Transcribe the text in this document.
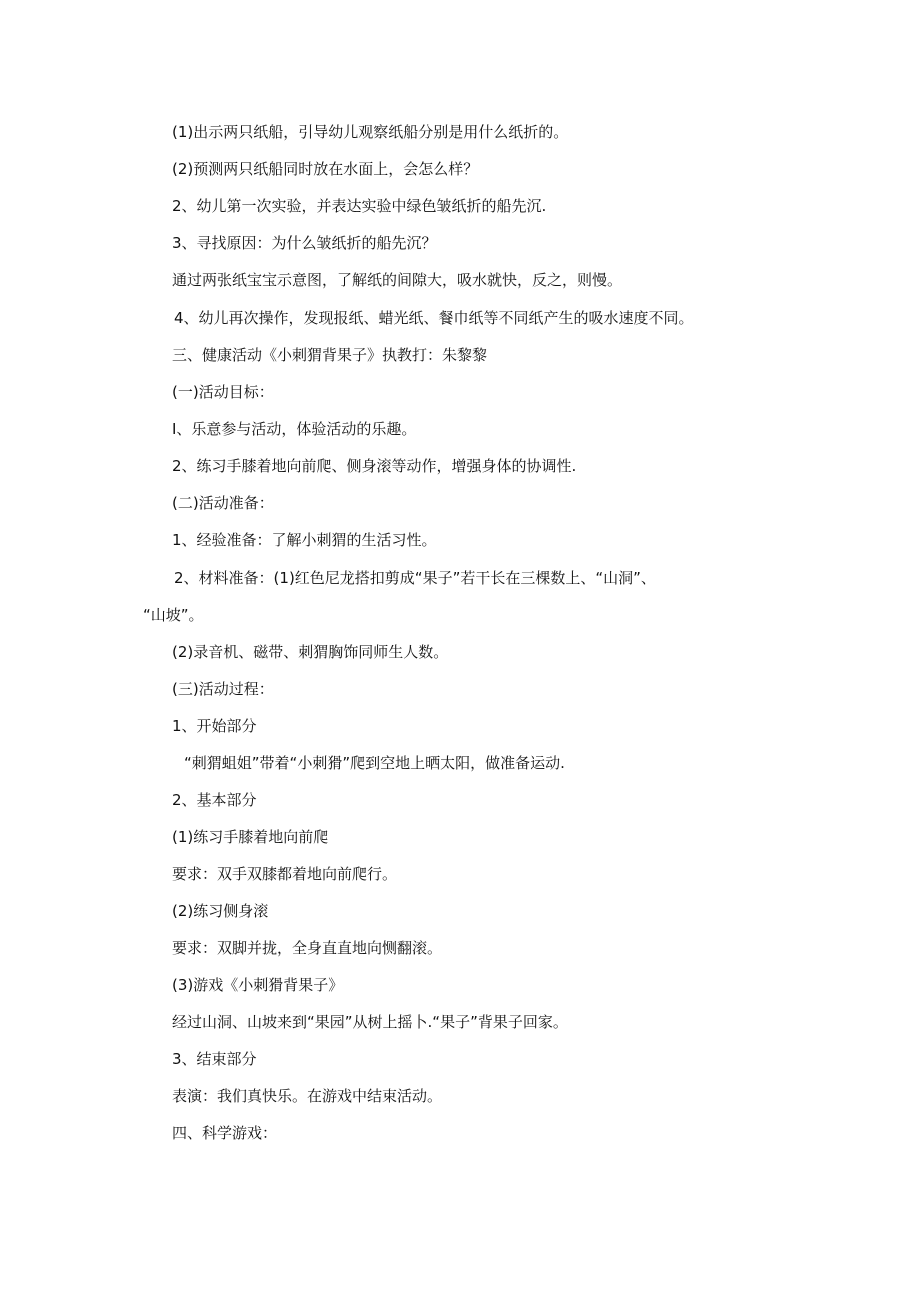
(1)出示两只纸船，引导幼儿观察纸船分别是用什么纸折的。
(2)预测两只纸船同时放在水面上，会怎么样？
2、幼儿第一次实验，并表达实验中绿色皱纸折的船先沉.
3、寻找原因：为什么皱纸折的船先沉？
通过两张纸宝宝示意图，了解纸的间隙大，吸水就快，反之，则慢。
4、幼儿再次操作，发现报纸、蜡光纸、餐巾纸等不同纸产生的吸水速度不同。
三、健康活动《小刺猬背果子》执教打：朱黎黎
(一)活动目标：
I、乐意参与活动，体验活动的乐趣。
2、练习手膝着地向前爬、侧身滚等动作，增强身体的协调性.
(二)活动准备：
1、经验准备：了解小刺猬的生活习性。
2、材料准备：(1)红色尼龙搭扣剪成“果子”若干长在三棵数上、“山洞”、
“山坡”。
(2)录音机、磁带、刺猬胸饰同师生人数。
(三)活动过程：
1、开始部分
“刺猬蛆姐”带着“小刺猾”爬到空地上晒太阳，做准备运动.
2、基本部分
(1)练习手膝着地向前爬
要求：双手双膝都着地向前爬行。
(2)练习侧身滚
要求：双脚并拢，全身直直地向恻翻滚。
(3)游戏《小刺猾背果子》
经过山洞、山坡来到“果园”从树上摇卜.“果子”背果子回家。
3、结束部分
表演：我们真快乐。在游戏中结束活动。
四、科学游戏：
